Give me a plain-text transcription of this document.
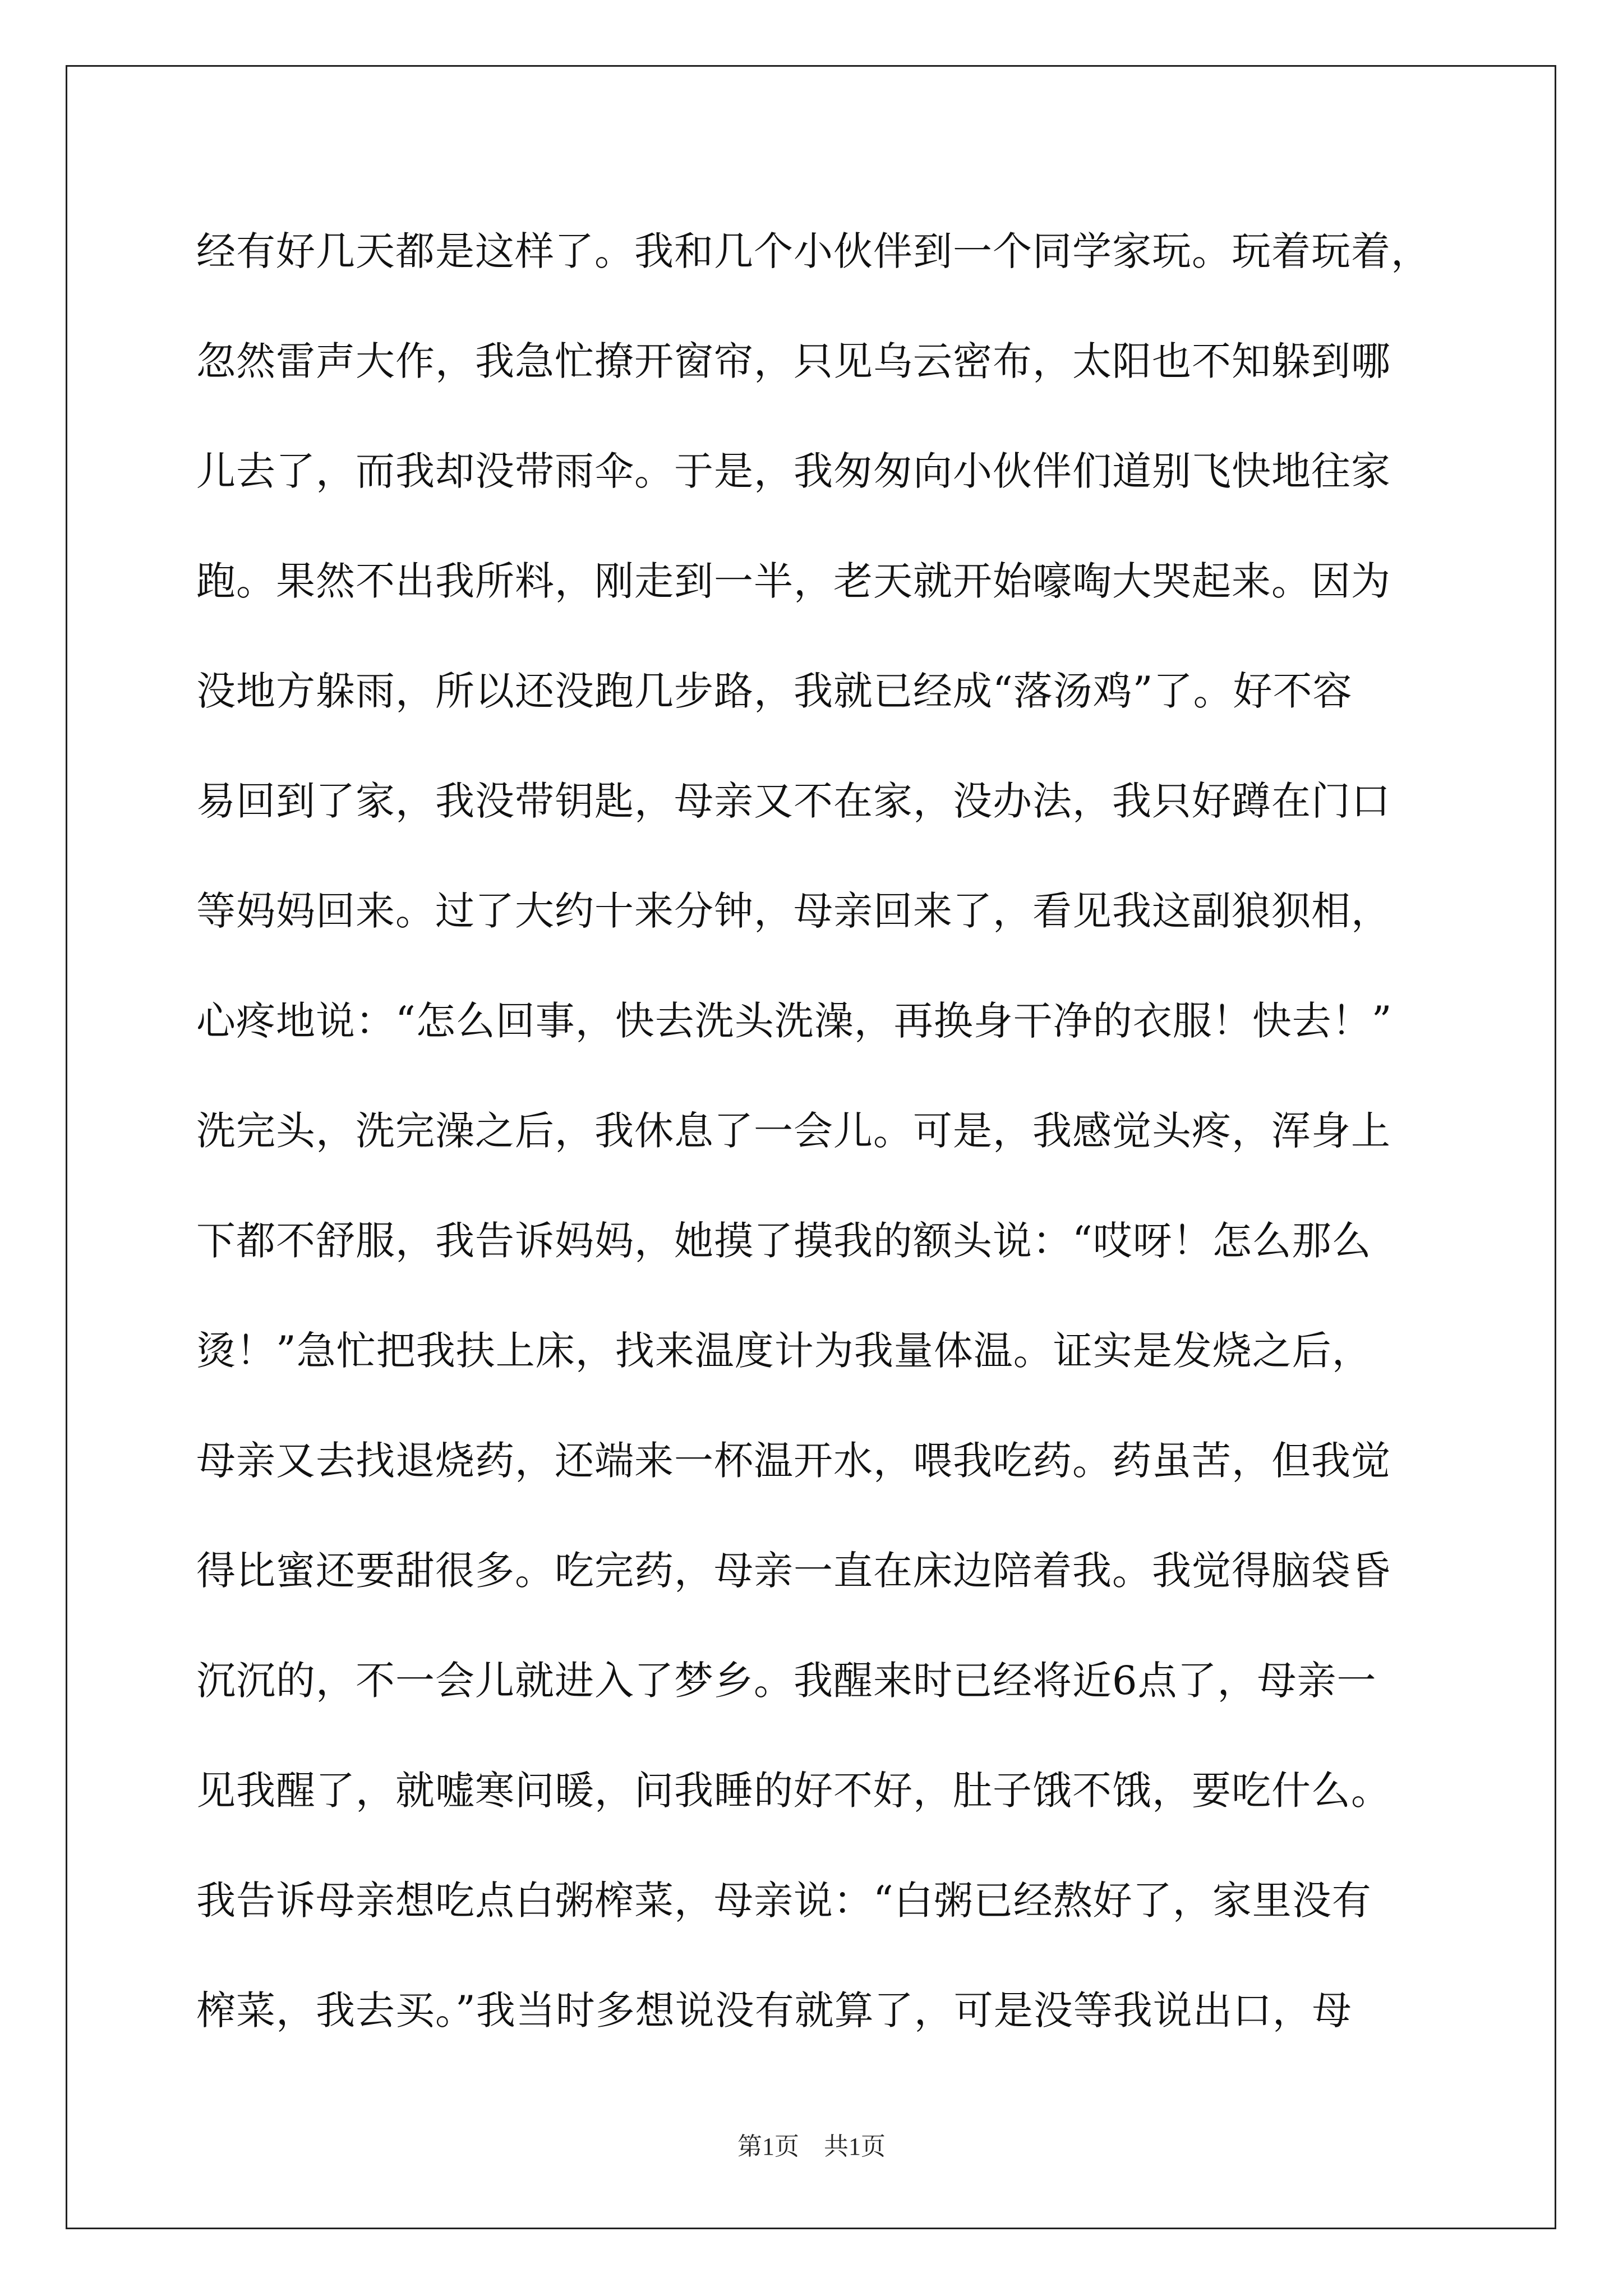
经有好几天都是这样了。我和几个小伙伴到一个同学家玩。玩着玩着，
忽然雷声大作，我急忙撩开窗帘，只见乌云密布，太阳也不知躲到哪
儿去了，而我却没带雨伞。于是，我匆匆向小伙伴们道别飞快地往家
跑。果然不出我所料，刚走到一半，老天就开始嚎啕大哭起来。因为
没地方躲雨，所以还没跑几步路，我就已经成“落汤鸡”了。好不容
易回到了家，我没带钥匙，母亲又不在家，没办法，我只好蹲在门口
等妈妈回来。过了大约十来分钟，母亲回来了，看见我这副狼狈相，
心疼地说：“怎么回事，快去洗头洗澡，再换身干净的衣服！快去！”
洗完头，洗完澡之后，我休息了一会儿。可是，我感觉头疼，浑身上
下都不舒服，我告诉妈妈，她摸了摸我的额头说：“哎呀！怎么那么
烫！”急忙把我扶上床，找来温度计为我量体温。证实是发烧之后，
母亲又去找退烧药，还端来一杯温开水，喂我吃药。药虽苦，但我觉
得比蜜还要甜很多。吃完药，母亲一直在床边陪着我。我觉得脑袋昏
沉沉的，不一会儿就进入了梦乡。我醒来时已经将近6点了，母亲一
见我醒了，就嘘寒问暖，问我睡的好不好，肚子饿不饿，要吃什么。
我告诉母亲想吃点白粥榨菜，母亲说：“白粥已经熬好了，家里没有
榨菜，我去买。”我当时多想说没有就算了，可是没等我说出口，母
第1页　共1页
